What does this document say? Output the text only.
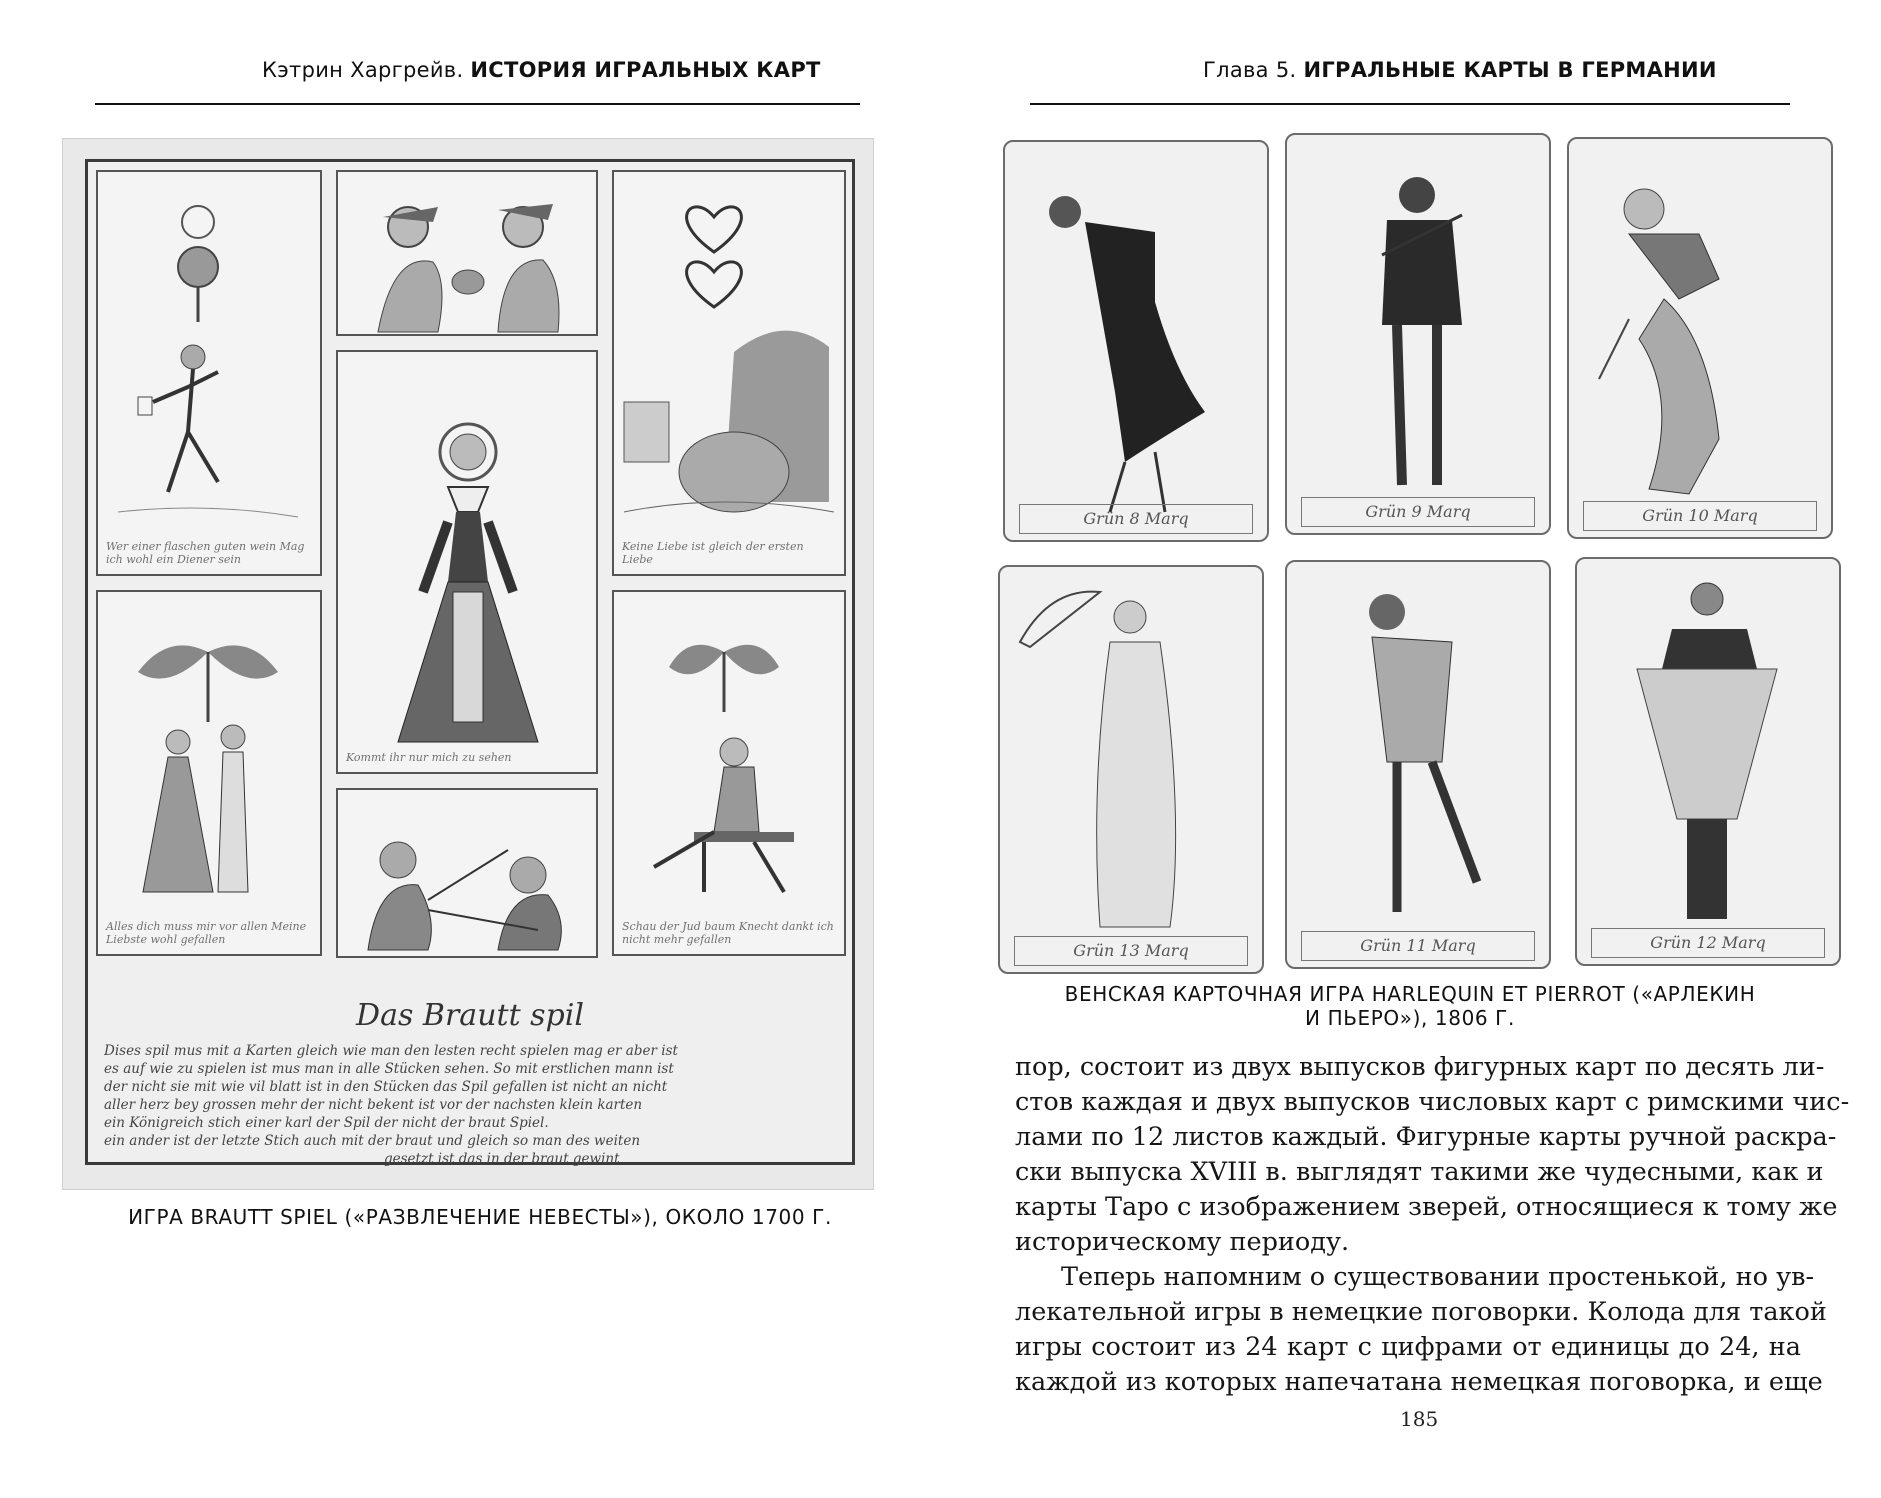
Кэтрин Харгрейв. ИСТОРИЯ ИГРАЛЬНЫХ КАРТ
Wer einer flaschen guten wein Mag ich wohl ein Diener sein
Keine Liebe ist gleich der ersten Liebe
Kommt ihr nur mich zu sehen
Alles dich muss mir vor allen Meine Liebste wohl gefallen
Schau der Jud baum Knecht dankt ich nicht mehr gefallen
Das Brautt spil
Dises spil mus mit a Karten gleich wie man den lesten recht spielen mag er aber ist
es auf wie zu spielen ist mus man in alle Stücken sehen. So mit erstlichen mann ist
der nicht sie mit wie vil blatt ist in den Stücken das Spil gefallen ist nicht an nicht
aller herz bey grossen mehr der nicht bekent ist vor der nachsten klein karten
ein Königreich stich einer karl der Spil der nicht der braut Spiel.
ein ander ist der letzte Stich auch mit der braut und gleich so man des weiten
gesetzt ist das in der braut gewint
ИГРА BRAUTT SPIEL («РАЗВЛЕЧЕНИЕ НЕВЕСТЫ»), ОКОЛО 1700 Г.
Глава 5. ИГРАЛЬНЫЕ КАРТЫ В ГЕРМАНИИ
Grün 8 Marq	Grün 9 Marq	Grün 10 Marq
Grün 13 Marq	Grün 11 Marq	Grün 12 Marq
ВЕНСКАЯ КАРТОЧНАЯ ИГРА HARLEQUIN ET PIERROT («АРЛЕКИН
И ПЬЕРО»), 1806 Г.
пор, состоит из двух выпусков фигурных карт по десять ли-
стов каждая и двух выпусков числовых карт с римскими чис-
лами по 12 листов каждый. Фигурные карты ручной раскра-
ски выпуска XVIII в. выглядят такими же чудесными, как и
карты Таро с изображением зверей, относящиеся к тому же
историческому периоду.
Теперь напомним о существовании простенькой, но ув-
лекательной игры в немецкие поговорки. Колода для такой
игры состоит из 24 карт с цифрами от единицы до 24, на
каждой из которых напечатана немецкая поговорка, и еще
185
